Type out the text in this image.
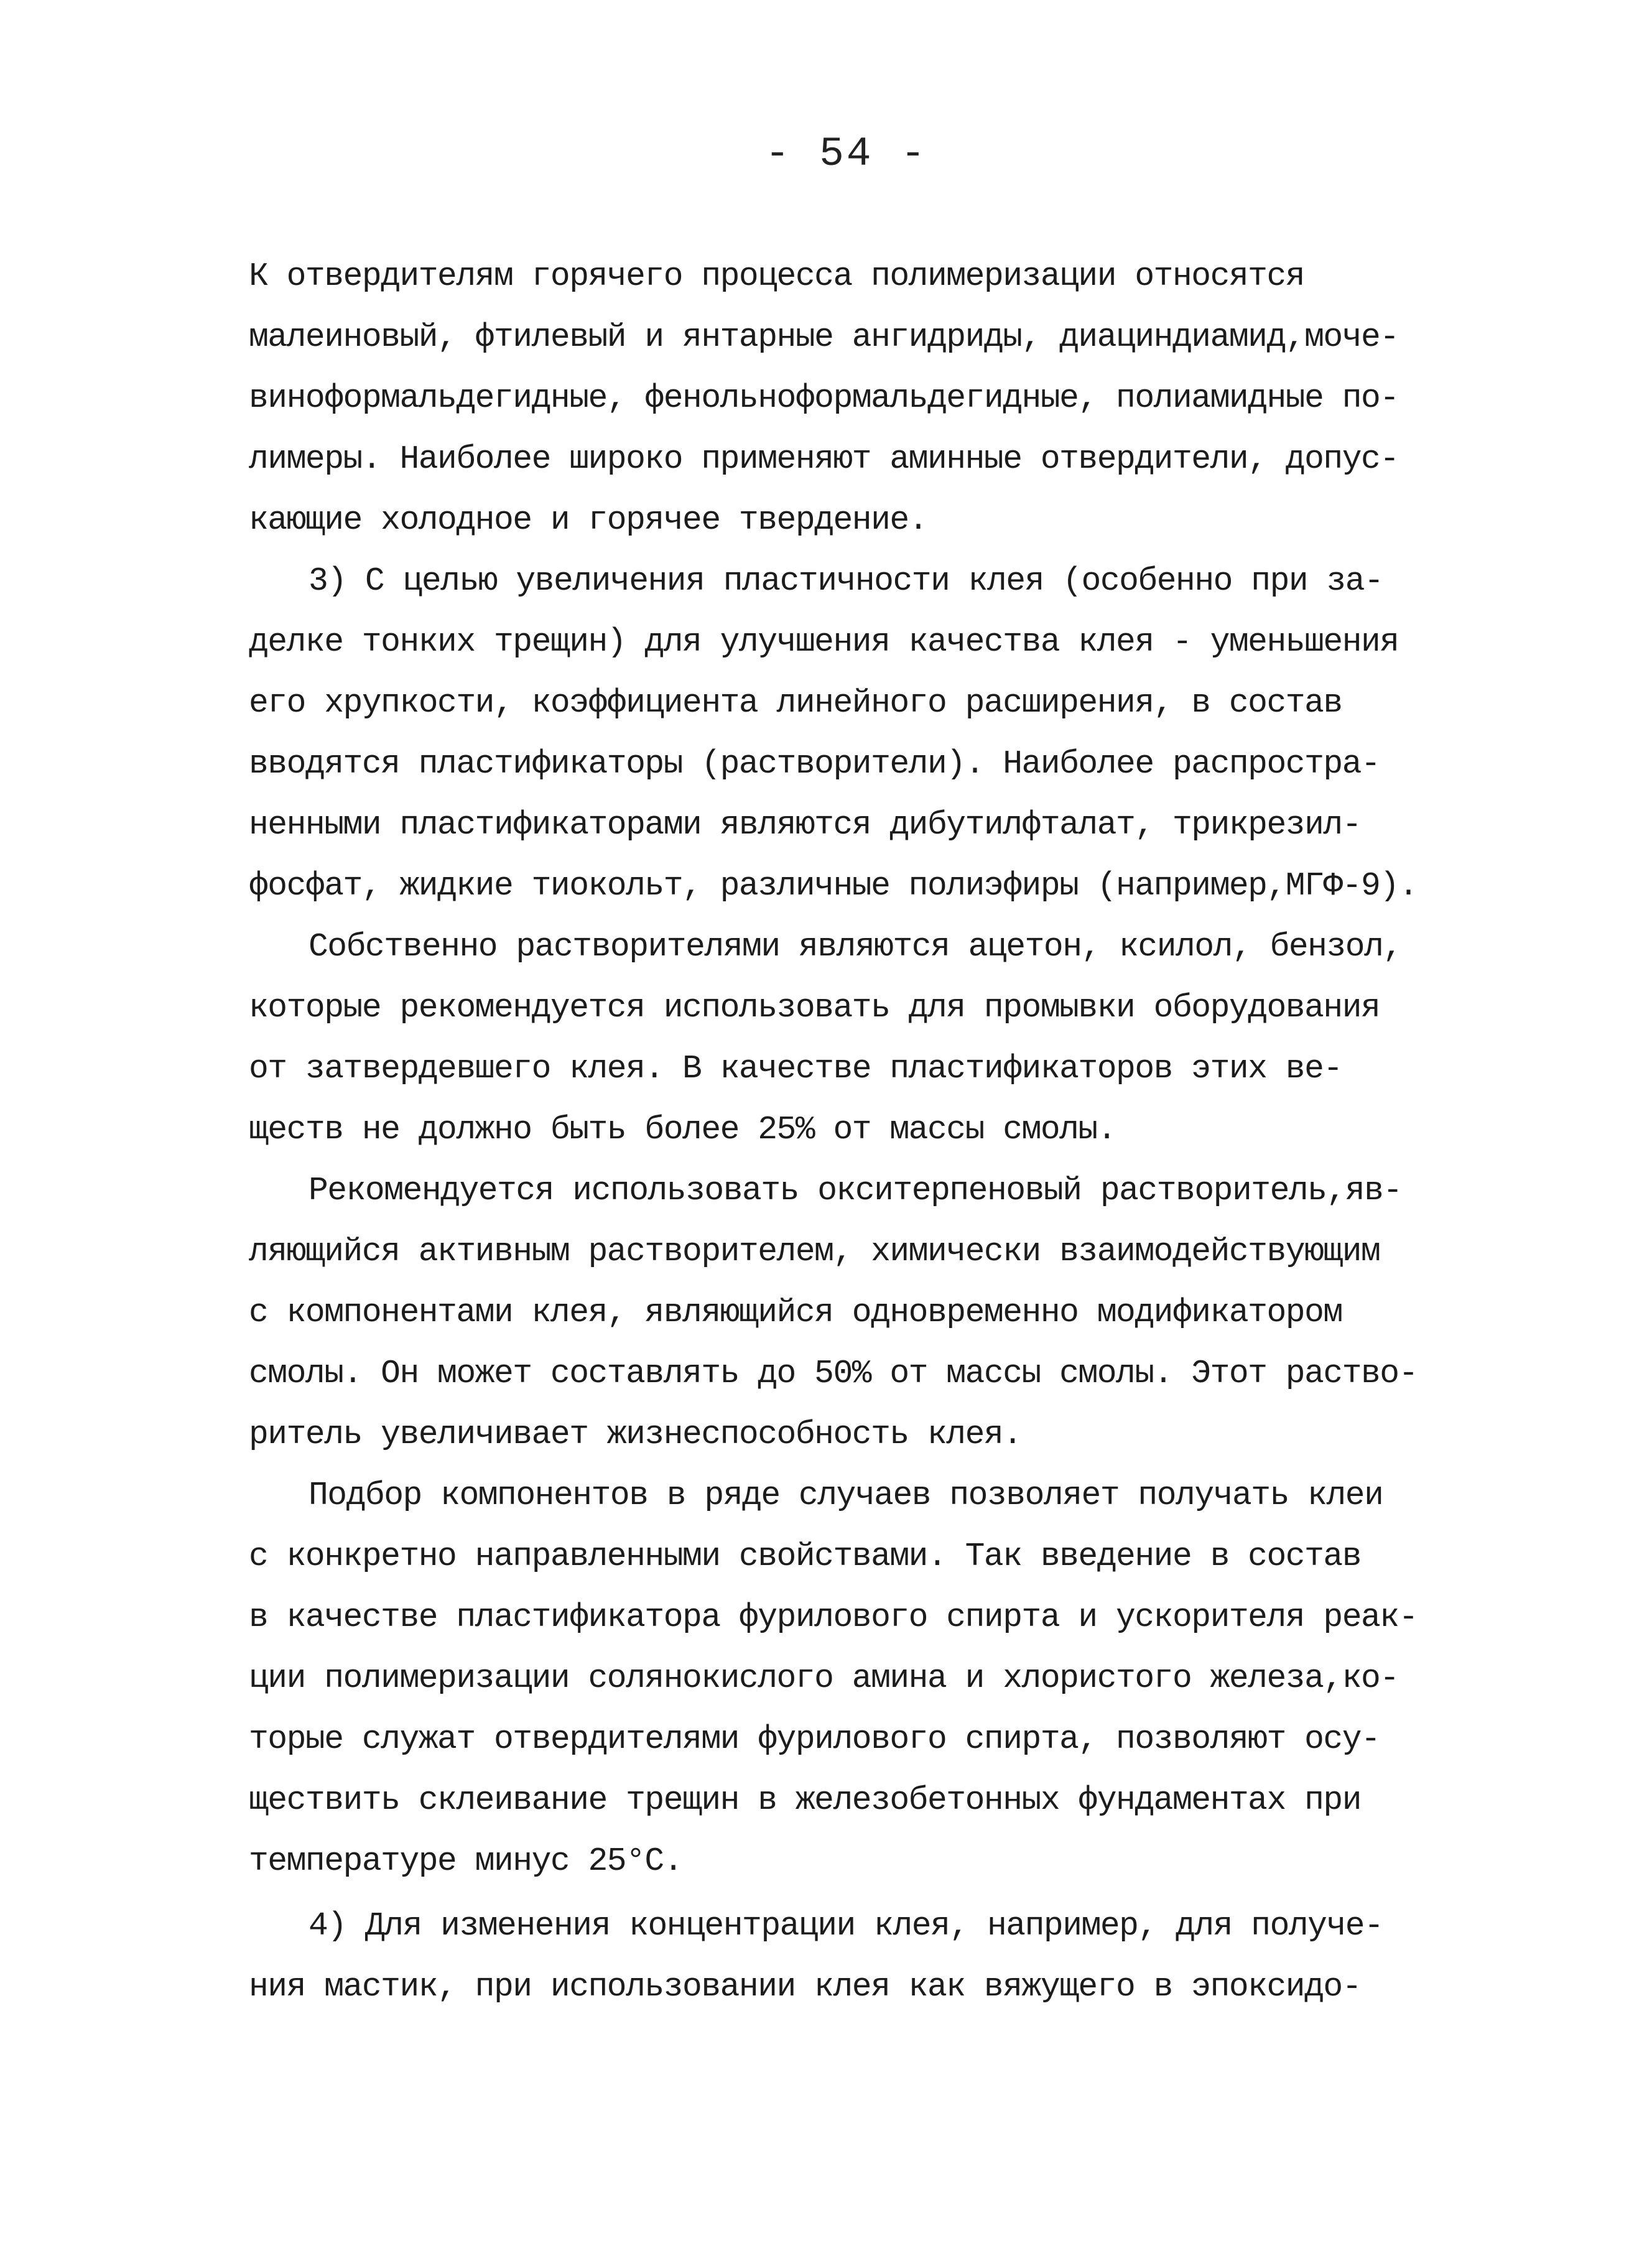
- 54 -
К отвердителям горячего процесса полимеризации относятся
малеиновый, фтилевый и янтарные ангидриды, диациндиамид,моче-
виноформальдегидные, фенольноформальдегидные, полиамидные по-
лимеры. Наиболее широко применяют аминные отвердители, допус-
кающие холодное и горячее твердение.
3) С целью увеличения пластичности клея (особенно при за-
делке тонких трещин) для улучшения качества клея - уменьшения
его хрупкости, коэффициента линейного расширения, в состав
вводятся пластификаторы (растворители). Наиболее распростра-
ненными пластификаторами являются дибутилфталат, трикрезил-
фосфат, жидкие тиокольт, различные полиэфиры (например,МГФ-9).
Собственно растворителями являются ацетон, ксилол, бензол,
которые рекомендуется использовать для промывки оборудования
от затвердевшего клея. В качестве пластификаторов этих ве-
ществ не должно быть более 25% от массы смолы.
Рекомендуется использовать окситерпеновый растворитель,яв-
ляющийся активным растворителем, химически взаимодействующим
с компонентами клея, являющийся одновременно модификатором
смолы. Он может составлять до 50% от массы смолы. Этот раство-
ритель увеличивает жизнеспособность клея.
Подбор компонентов в ряде случаев позволяет получать клеи
с конкретно направленными свойствами. Так введение в состав
в качестве пластификатора фурилового спирта и ускорителя реак-
ции полимеризации солянокислого амина и хлористого железа,ко-
торые служат отвердителями фурилового спирта, позволяют осу-
ществить склеивание трещин в железобетонных фундаментах при
температуре минус 25°С.
4) Для изменения концентрации клея, например, для получе-
ния мастик, при использовании клея как вяжущего в эпоксидо-
